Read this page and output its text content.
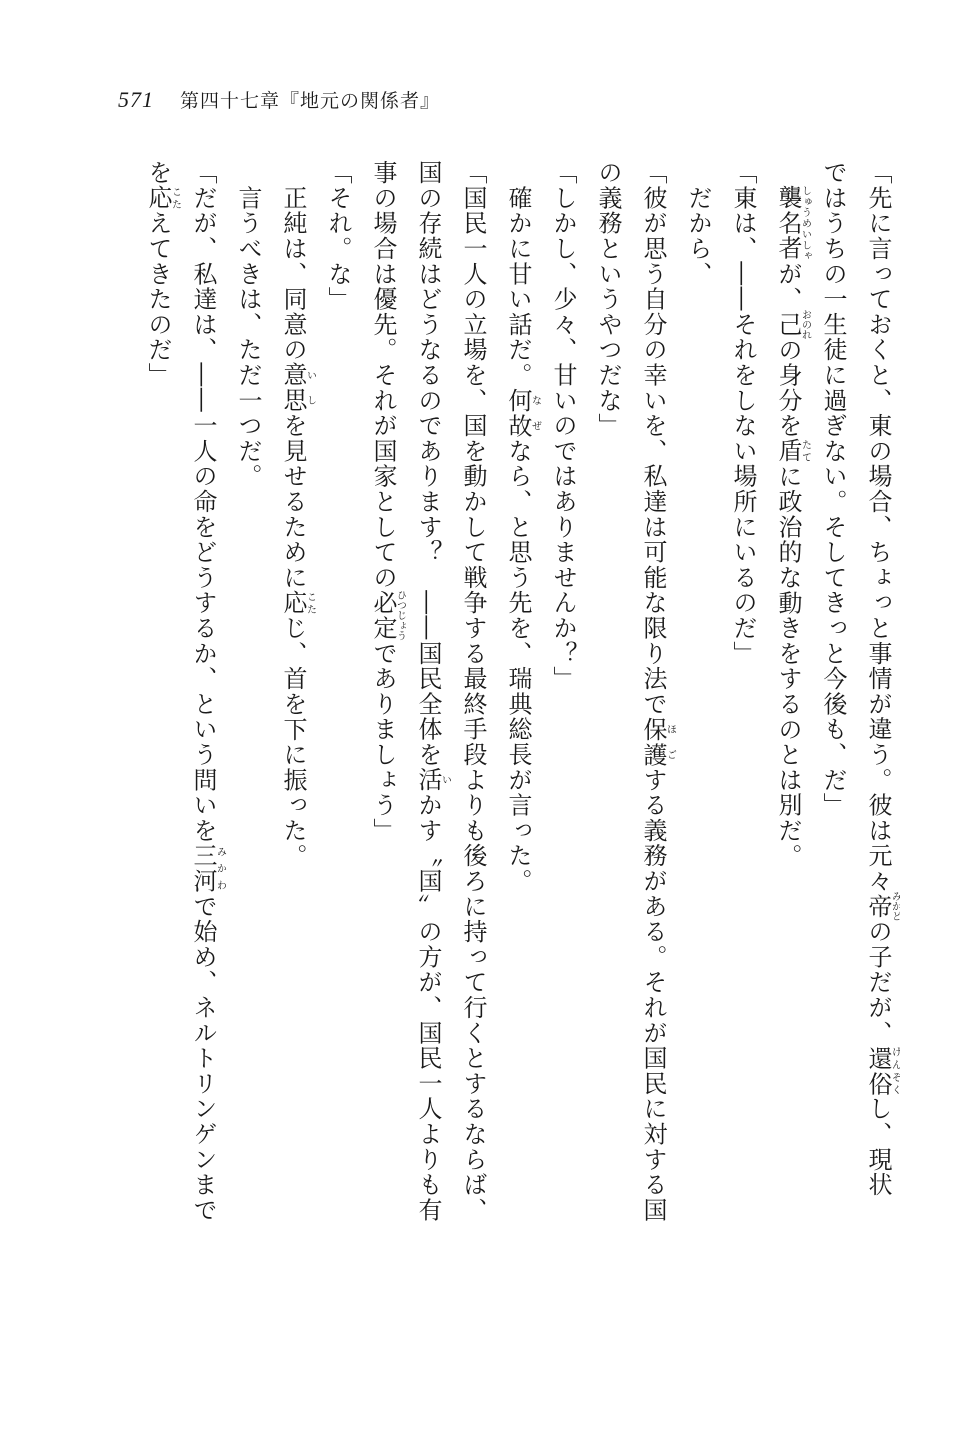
571 第四十七章『地元の関係者』

「先に言っておくと、東の場合、ちょっと事情が違う。彼は元々帝みかどの子だが、還俗げんぞくし、現状

ではうちの一生徒に過ぎない。そしてきっと今後も、だ」

　襲名者しゅうめいしゃが、己おのれの身分を盾たてに政治的な動きをするのとは別だ。

「東は、――それをしない場所にいるのだ」

　だから、

「彼が思う自分の幸いを、私達は可能な限り法で保護ほごする義務がある。それが国民に対する国

の義務というやつだな」

「しかし、少々、甘いのではありませんか？」

　確かに甘い話だ。何故なぜなら、と思う先を、瑞典総長が言った。

「国民一人の立場を、国を動かして戦争する最終手段よりも後ろに持って行くとするならば、

国の存続はどうなるのであります？　――国民全体を活いかす〝国〟の方が、国民一人よりも有

事の場合は優先。それが国家としての必定ひつじょうでありましょう」

「それ。な」

　正純は、同意の意思いしを見せるために応こたじ、首を下に振った。

　言うべきは、ただ一つだ。

「だが、私達は、――一人の命をどうするか、という問いを三河みかわで始め、ネルトリンゲンまで

を応こたえてきたのだ」
